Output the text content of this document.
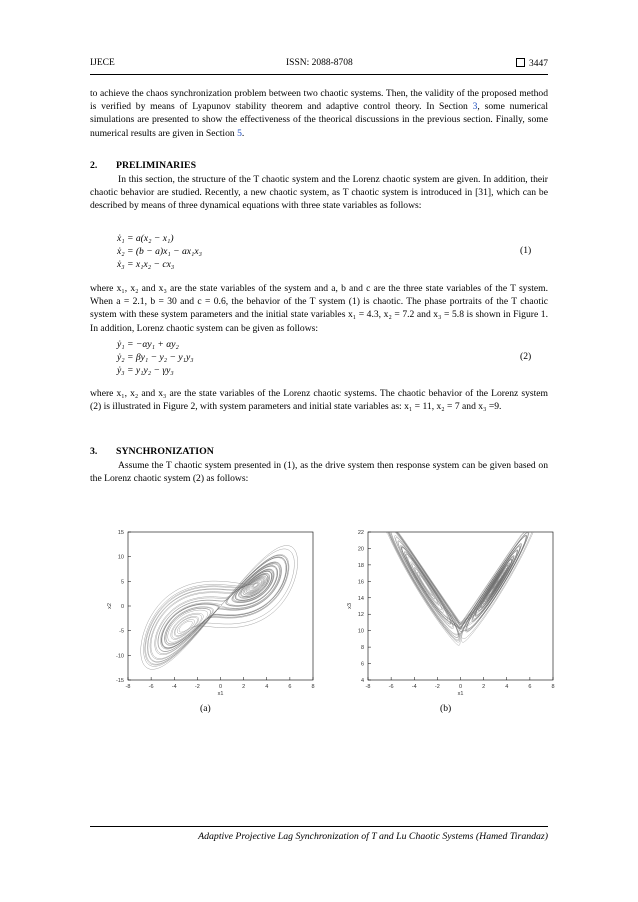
IJECE	ISSN: 2088-8708	3447
to achieve the chaos synchronization problem between two chaotic systems. Then, the validity of the proposed method is verified by means of Lyapunov stability theorem and adaptive control theory. In Section 3, some numerical simulations are presented to show the effectiveness of the theorical discussions in the previous section. Finally, some numerical results are given in Section 5.
2. PRELIMINARIES
In this section, the structure of the T chaotic system and the Lorenz chaotic system are given. In addition, their chaotic behavior are studied. Recently, a new chaotic system, as T chaotic system is introduced in [31], which can be described by means of three dynamical equations with three state variables as follows:
ẋ₁ = a(x₂ − x₁)
ẋ₂ = (b − a)x₁ − ax₁x₃
ẋ₃ = x₁x₂ − cx₃
(1)
where x₁, x₂ and x₃ are the state variables of the system and a, b and c are the three state variables of the T system. When a = 2.1, b = 30 and c = 0.6, the behavior of the T system (1) is chaotic. The phase portraits of the T chaotic system with these system parameters and the initial state variables x₁ = 4.3, x₂ = 7.2 and x₃ = 5.8 is shown in Figure 1. In addition, Lorenz chaotic system can be given as follows:
ẏ₁ = −αy₁ + αy₂
ẏ₂ = βy₁ − y₂ − y₁y₃
ẏ₃ = y₁y₂ − γy₃
(2)
where x₁, x₂ and x₃ are the state variables of the Lorenz chaotic systems. The chaotic behavior of the Lorenz system (2) is illustrated in Figure 2, with system parameters and initial state variables as: x₁ = 11, x₂ = 7 and x₃ =9.
3. SYNCHRONIZATION
Assume the T chaotic system presented in (1), as the drive system then response system can be given based on the Lorenz chaotic system (2) as follows:
-8	-6	-4	-2	0	2	4	6	8
15
10
5
0
-5
-10
-15
x1
x2
-8	-6	-4	-2	0	2	4	6	8
22
20
18
16
14
12
10
8
6
4
x1
x3
(a)	(b)
Adaptive Projective Lag Synchronization of T and Lu Chaotic Systems (Hamed Tirandaz)
